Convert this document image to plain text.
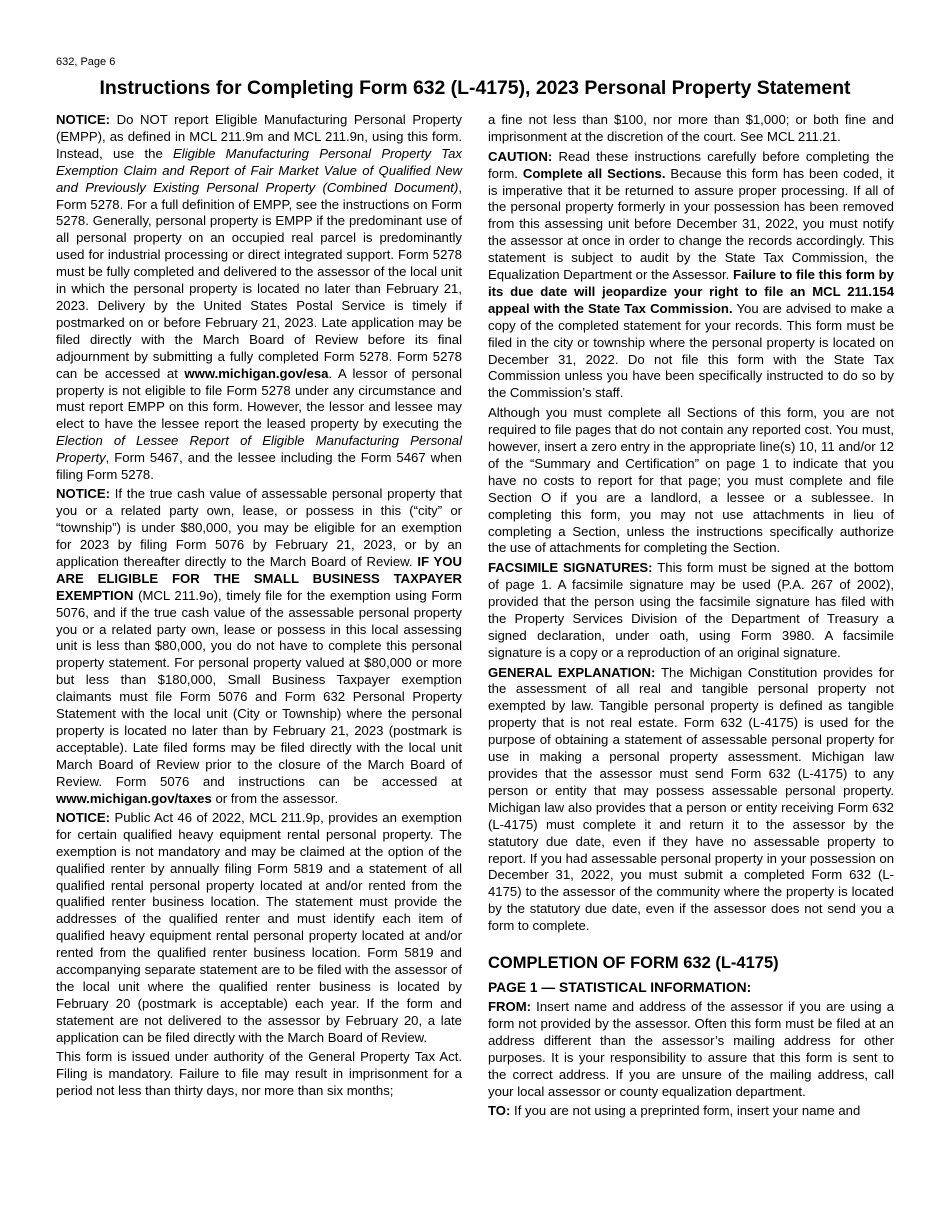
632, Page 6
Instructions for Completing Form 632 (L-4175), 2023 Personal Property Statement

NOTICE: Do NOT report Eligible Manufacturing Personal Property (EMPP), as defined in MCL 211.9m and MCL 211.9n, using this form. Instead, use the Eligible Manufacturing Personal Property Tax Exemption Claim and Report of Fair Market Value of Qualified New and Previously Existing Personal Property (Combined Document), Form 5278. For a full definition of EMPP, see the instructions on Form 5278. Generally, personal property is EMPP if the predominant use of all personal property on an occupied real parcel is predominantly used for industrial processing or direct integrated support. Form 5278 must be fully completed and delivered to the assessor of the local unit in which the personal property is located no later than February 21, 2023. Delivery by the United States Postal Service is timely if postmarked on or before February 21, 2023. Late application may be filed directly with the March Board of Review before its final adjournment by submitting a fully completed Form 5278. Form 5278 can be accessed at www.michigan.gov/esa. A lessor of personal property is not eligible to file Form 5278 under any circumstance and must report EMPP on this form. However, the lessor and lessee may elect to have the lessee report the leased property by executing the Election of Lessee Report of Eligible Manufacturing Personal Property, Form 5467, and the lessee including the Form 5467 when filing Form 5278.

NOTICE: If the true cash value of assessable personal property that you or a related party own, lease, or possess in this (“city” or “township”) is under $80,000, you may be eligible for an exemption for 2023 by filing Form 5076 by February 21, 2023, or by an application thereafter directly to the March Board of Review. IF YOU ARE ELIGIBLE FOR THE SMALL BUSINESS TAXPAYER EXEMPTION (MCL 211.9o), timely file for the exemption using Form 5076, and if the true cash value of the assessable personal property you or a related party own, lease or possess in this local assessing unit is less than $80,000, you do not have to complete this personal property statement. For personal property valued at $80,000 or more but less than $180,000, Small Business Taxpayer exemption claimants must file Form 5076 and Form 632 Personal Property Statement with the local unit (City or Township) where the personal property is located no later than by February 21, 2023 (postmark is acceptable). Late filed forms may be filed directly with the local unit March Board of Review prior to the closure of the March Board of Review. Form 5076 and instructions can be accessed at www.michigan.gov/taxes or from the assessor.

NOTICE: Public Act 46 of 2022, MCL 211.9p, provides an exemption for certain qualified heavy equipment rental personal property. The exemption is not mandatory and may be claimed at the option of the qualified renter by annually filing Form 5819 and a statement of all qualified rental personal property located at and/or rented from the qualified renter business location. The statement must provide the addresses of the qualified renter and must identify each item of qualified heavy equipment rental personal property located at and/or rented from the qualified renter business location. Form 5819 and accompanying separate statement are to be filed with the assessor of the local unit where the qualified renter business is located by February 20 (postmark is acceptable) each year. If the form and statement are not delivered to the assessor by February 20, a late application can be filed directly with the March Board of Review.

This form is issued under authority of the General Property Tax Act. Filing is mandatory. Failure to file may result in imprisonment for a period not less than thirty days, nor more than six months;

a fine not less than $100, nor more than $1,000; or both fine and imprisonment at the discretion of the court. See MCL 211.21.

CAUTION: Read these instructions carefully before completing the form. Complete all Sections. Because this form has been coded, it is imperative that it be returned to assure proper processing. If all of the personal property formerly in your possession has been removed from this assessing unit before December 31, 2022, you must notify the assessor at once in order to change the records accordingly. This statement is subject to audit by the State Tax Commission, the Equalization Department or the Assessor. Failure to file this form by its due date will jeopardize your right to file an MCL 211.154 appeal with the State Tax Commission. You are advised to make a copy of the completed statement for your records. This form must be filed in the city or township where the personal property is located on December 31, 2022. Do not file this form with the State Tax Commission unless you have been specifically instructed to do so by the Commission’s staff.

Although you must complete all Sections of this form, you are not required to file pages that do not contain any reported cost. You must, however, insert a zero entry in the appropriate line(s) 10, 11 and/or 12 of the “Summary and Certification” on page 1 to indicate that you have no costs to report for that page; you must complete and file Section O if you are a landlord, a lessee or a sublessee. In completing this form, you may not use attachments in lieu of completing a Section, unless the instructions specifically authorize the use of attachments for completing the Section.

FACSIMILE SIGNATURES: This form must be signed at the bottom of page 1. A facsimile signature may be used (P.A. 267 of 2002), provided that the person using the facsimile signature has filed with the Property Services Division of the Department of Treasury a signed declaration, under oath, using Form 3980. A facsimile signature is a copy or a reproduction of an original signature.

GENERAL EXPLANATION: The Michigan Constitution provides for the assessment of all real and tangible personal property not exempted by law. Tangible personal property is defined as tangible property that is not real estate. Form 632 (L-4175) is used for the purpose of obtaining a statement of assessable personal property for use in making a personal property assessment. Michigan law provides that the assessor must send Form 632 (L-4175) to any person or entity that may possess assessable personal property. Michigan law also provides that a person or entity receiving Form 632 (L-4175) must complete it and return it to the assessor by the statutory due date, even if they have no assessable property to report. If you had assessable personal property in your possession on December 31, 2022, you must submit a completed Form 632 (L-4175) to the assessor of the community where the property is located by the statutory due date, even if the assessor does not send you a form to complete.

COMPLETION OF FORM 632 (L-4175)
PAGE 1 — STATISTICAL INFORMATION:

FROM: Insert name and address of the assessor if you are using a form not provided by the assessor. Often this form must be filed at an address different than the assessor’s mailing address for other purposes. It is your responsibility to assure that this form is sent to the correct address. If you are unsure of the mailing address, call your local assessor or county equalization department.

TO: If you are not using a preprinted form, insert your name and
